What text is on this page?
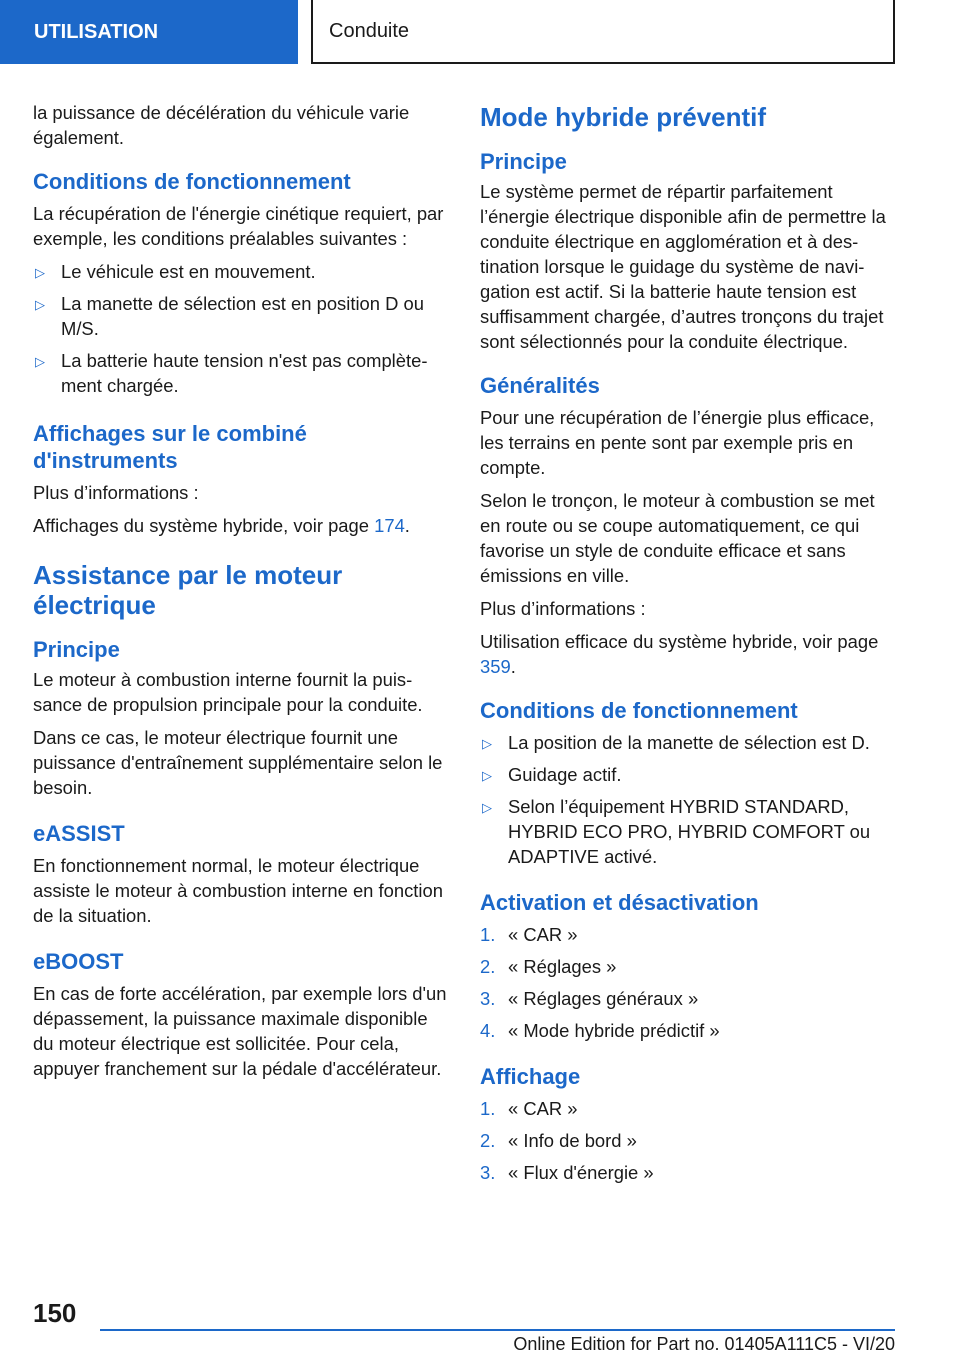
UTILISATION	Conduite

la puissance de décélération du véhicule varie également.

Conditions de fonctionnement

La récupération de l'énergie cinétique requiert, par exemple, les conditions préalables suivantes :

▷ Le véhicule est en mouvement.
▷ La manette de sélection est en position D ou M/S.
▷ La batterie haute tension n'est pas complètement chargée.
Affichages sur le combiné d'instruments

Plus d’informations :

Affichages du système hybride, voir page 174.

Assistance par le moteur électrique
Principe

Le moteur à combustion interne fournit la puissance de propulsion principale pour la conduite.

Dans ce cas, le moteur électrique fournit une puissance d'entraînement supplémentaire selon le besoin.

eASSIST

En fonctionnement normal, le moteur électrique assiste le moteur à combustion interne en fonction de la situation.

eBOOST

En cas de forte accélération, par exemple lors d'un dépassement, la puissance maximale disponible du moteur électrique est sollicitée. Pour cela, appuyer franchement sur la pédale d'accélérateur.

Mode hybride préventif
Principe

Le système permet de répartir parfaitement l’énergie électrique disponible afin de permettre la conduite électrique en agglomération et à destination lorsque le guidage du système de navigation est actif. Si la batterie haute tension est suffisamment chargée, d’autres tronçons du trajet sont sélectionnés pour la conduite électrique.

Généralités

Pour une récupération de l’énergie plus efficace, les terrains en pente sont par exemple pris en compte.

Selon le tronçon, le moteur à combustion se met en route ou se coupe automatiquement, ce qui favorise un style de conduite efficace et sans émissions en ville.

Plus d’informations :

Utilisation efficace du système hybride, voir page 359.

Conditions de fonctionnement
▷ La position de la manette de sélection est D.
▷ Guidage actif.
▷ Selon l’équipement HYBRID STANDARD, HYBRID ECO PRO, HYBRID COMFORT ou ADAPTIVE activé.
Activation et désactivation
1. « CAR »
2. « Réglages »
3. « Réglages généraux »
4. « Mode hybride prédictif »
Affichage
1. « CAR »
2. « Info de bord »
3. « Flux d'énergie »
150
Online Edition for Part no. 01405A111C5 - VI/20
